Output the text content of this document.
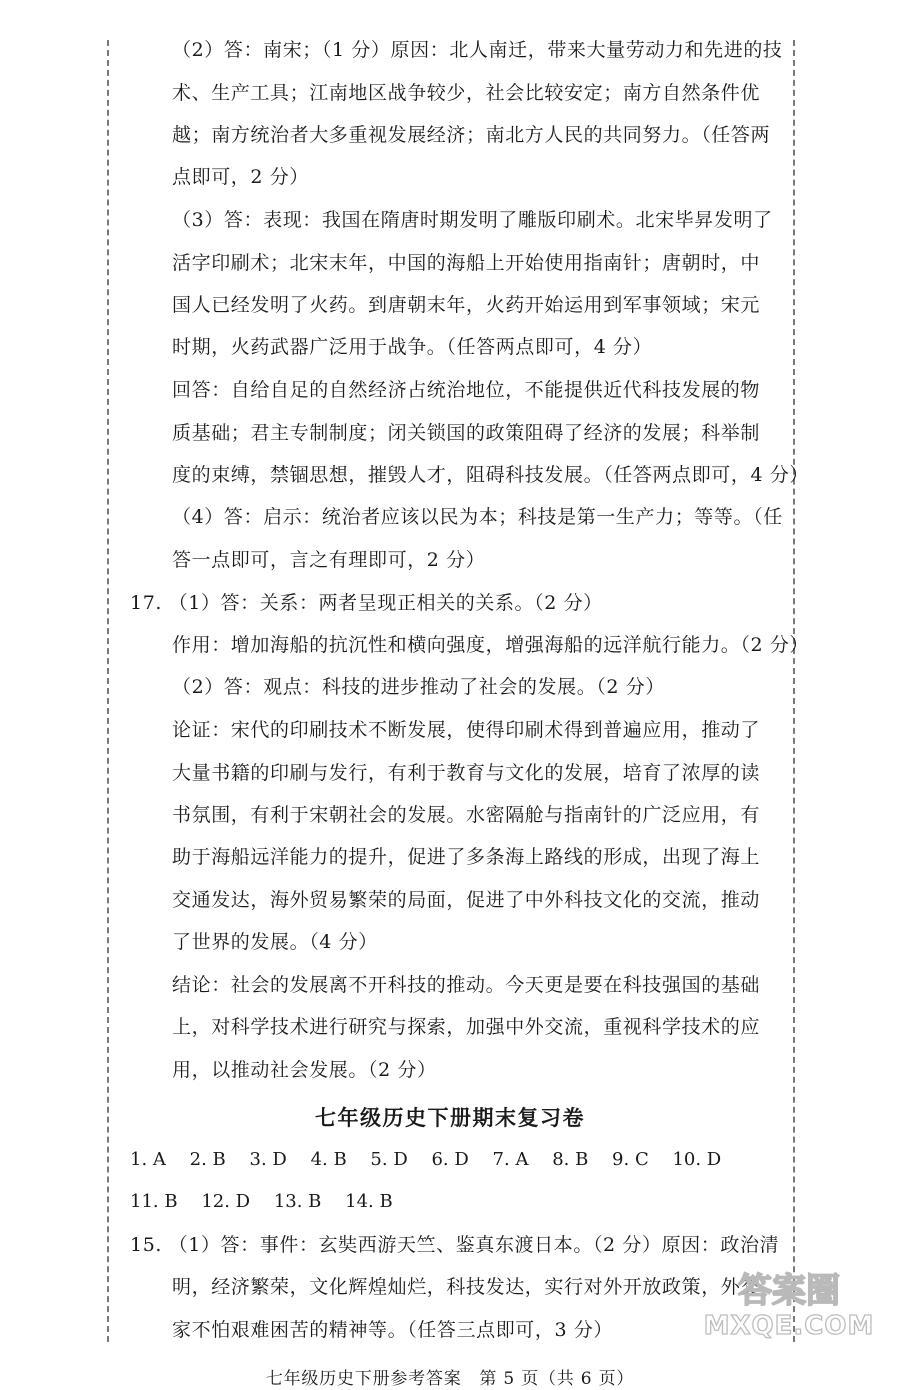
（2）答：南宋；（1 分）原因：北人南迁，带来大量劳动力和先进的技
术、生产工具；江南地区战争较少，社会比较安定；南方自然条件优
越；南方统治者大多重视发展经济；南北方人民的共同努力。（任答两
点即可，2 分）
（3）答：表现：我国在隋唐时期发明了雕版印刷术。北宋毕昇发明了
活字印刷术；北宋末年，中国的海船上开始使用指南针；唐朝时，中
国人已经发明了火药。到唐朝末年，火药开始运用到军事领域；宋元
时期，火药武器广泛用于战争。（任答两点即可，4 分）
回答：自给自足的自然经济占统治地位，不能提供近代科技发展的物
质基础；君主专制制度；闭关锁国的政策阻碍了经济的发展；科举制
度的束缚，禁锢思想，摧毁人才，阻碍科技发展。（任答两点即可，4 分）
（4）答：启示：统治者应该以民为本；科技是第一生产力；等等。（任
答一点即可，言之有理即可，2 分）
17. （1）答：关系：两者呈现正相关的关系。（2 分）
作用：增加海船的抗沉性和横向强度，增强海船的远洋航行能力。（2 分）
（2）答：观点：科技的进步推动了社会的发展。（2 分）
论证：宋代的印刷技术不断发展，使得印刷术得到普遍应用，推动了
大量书籍的印刷与发行，有利于教育与文化的发展，培育了浓厚的读
书氛围，有利于宋朝社会的发展。水密隔舱与指南针的广泛应用，有
助于海船远洋能力的提升，促进了多条海上路线的形成，出现了海上
交通发达，海外贸易繁荣的局面，促进了中外科技文化的交流，推动
了世界的发展。（4 分）
结论：社会的发展离不开科技的推动。今天更是要在科技强国的基础
上，对科学技术进行研究与探索，加强中外交流，重视科学技术的应
用，以推动社会发展。（2 分）
七年级历史下册期末复习卷
1. A 2. B 3. D 4. B 5. D 6. D 7. A 8. B 9. C 10. D
11. B 12. D 13. B 14. B
15. （1）答：事件：玄奘西游天竺、鉴真东渡日本。（2 分）原因：政治清
明，经济繁荣，文化辉煌灿烂，科技发达，实行对外开放政策，外交
家不怕艰难困苦的精神等。（任答三点即可，3 分）
七年级历史下册参考答案　第 5 页（共 6 页）
答案圈
MXQE.COM
